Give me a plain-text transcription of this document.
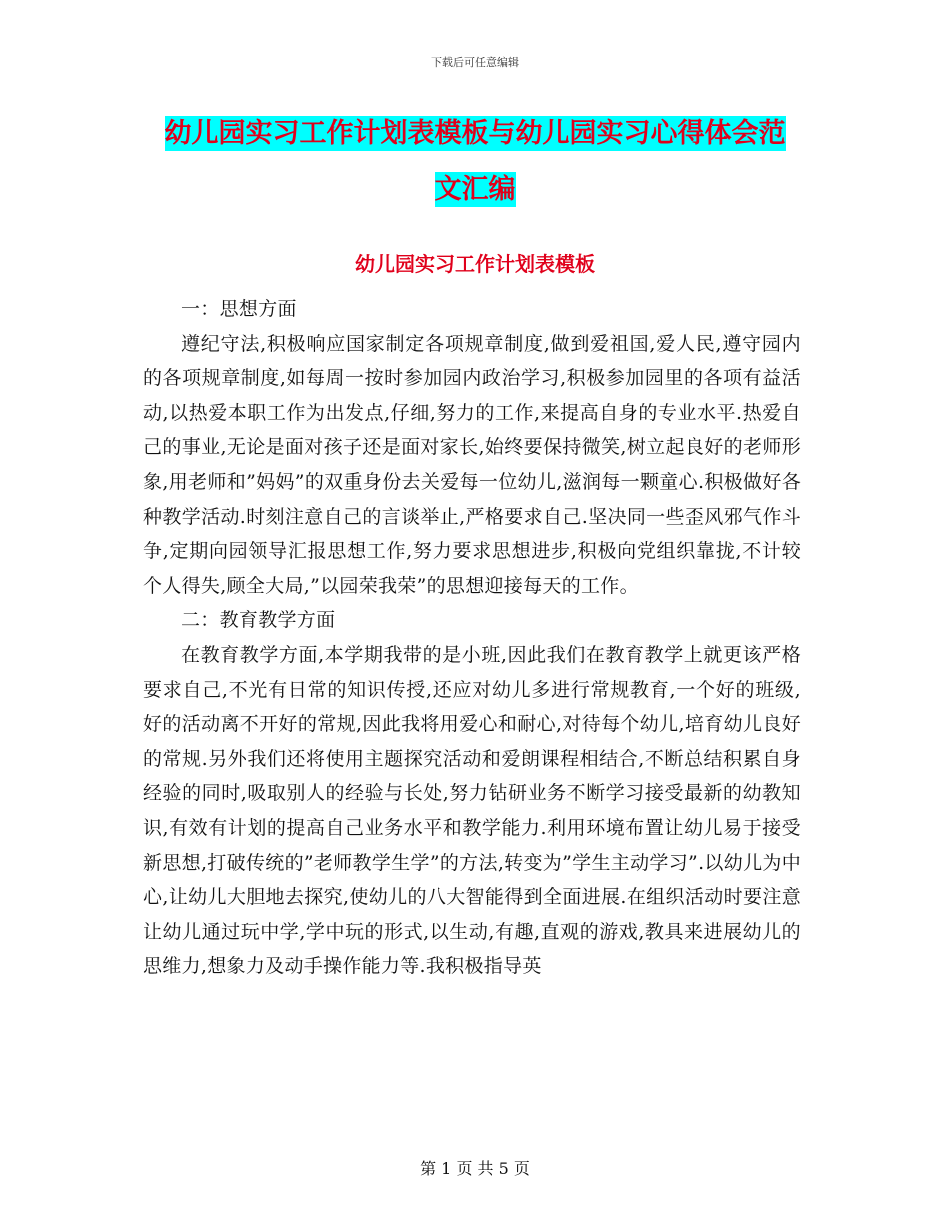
下载后可任意编辑
幼儿园实习工作计划表模板与幼儿园实习心得体会范
文汇编
幼儿园实习工作计划表模板

一：思想方面

遵纪守法,积极响应国家制定各项规章制度,做到爱祖国,爱人民,遵守园内的各项规章制度,如每周一按时参加园内政治学习,积极参加园里的各项有益活动,以热爱本职工作为出发点,仔细,努力的工作,来提高自身的专业水平.热爱自己的事业,无论是面对孩子还是面对家长,始终要保持微笑,树立起良好的老师形象,用老师和”妈妈”的双重身份去关爱每一位幼儿,滋润每一颗童心.积极做好各种教学活动.时刻注意自己的言谈举止,严格要求自己.坚决同一些歪风邪气作斗争,定期向园领导汇报思想工作,努力要求思想进步,积极向党组织靠拢,不计较个人得失,顾全大局,”以园荣我荣”的思想迎接每天的工作。

二：教育教学方面

在教育教学方面,本学期我带的是小班,因此我们在教育教学上就更该严格要求自己,不光有日常的知识传授,还应对幼儿多进行常规教育,一个好的班级,好的活动离不开好的常规,因此我将用爱心和耐心,对待每个幼儿,培育幼儿良好的常规.另外我们还将使用主题探究活动和爱朗课程相结合,不断总结积累自身经验的同时,吸取别人的经验与长处,努力钻研业务不断学习接受最新的幼教知识,有效有计划的提高自己业务水平和教学能力.利用环境布置让幼儿易于接受新思想,打破传统的”老师教学生学”的方法,转变为”学生主动学习”.以幼儿为中心,让幼儿大胆地去探究,使幼儿的八大智能得到全面进展.在组织活动时要注意让幼儿通过玩中学,学中玩的形式,以生动,有趣,直观的游戏,教具来进展幼儿的思维力,想象力及动手操作能力等.我积极指导英

第 1 页 共 5 页
